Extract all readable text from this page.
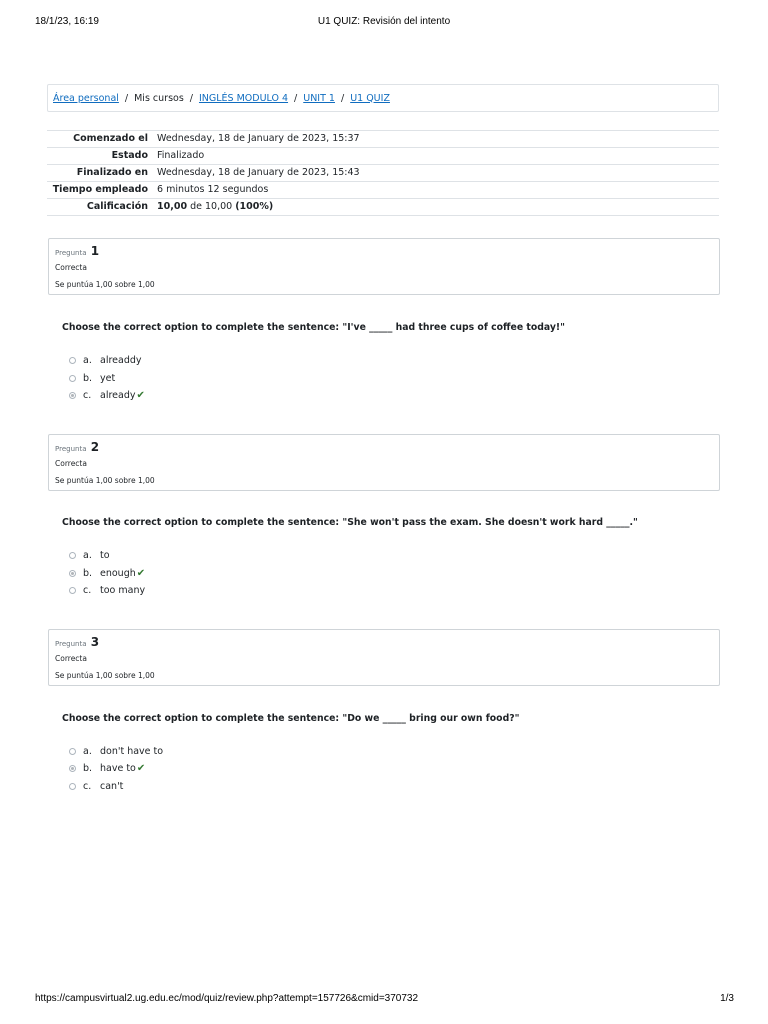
18/1/23, 16:19	U1 QUIZ: Revisión del intento
Área personal / Mis cursos / INGLÉS MODULO 4 / UNIT 1 / U1 QUIZ
Comenzado el	Wednesday, 18 de January de 2023, 15:37
Estado	Finalizado
Finalizado en	Wednesday, 18 de January de 2023, 15:43
Tiempo empleado	6 minutos 12 segundos
Calificación	10,00 de 10,00 (100%)
Pregunta 1
Correcta
Se puntúa 1,00 sobre 1,00
Choose the correct option to complete the sentence: "I've _____ had three cups of coffee today!"
a. alreaddy
b. yet
c. already ✔
Pregunta 2
Correcta
Se puntúa 1,00 sobre 1,00
Choose the correct option to complete the sentence: "She won't pass the exam. She doesn't work hard _____."
a. to
b. enough ✔
c. too many
Pregunta 3
Correcta
Se puntúa 1,00 sobre 1,00
Choose the correct option to complete the sentence: "Do we _____ bring our own food?"
a. don't have to
b. have to ✔
c. can't
https://campusvirtual2.ug.edu.ec/mod/quiz/review.php?attempt=157726&cmid=370732	1/3
